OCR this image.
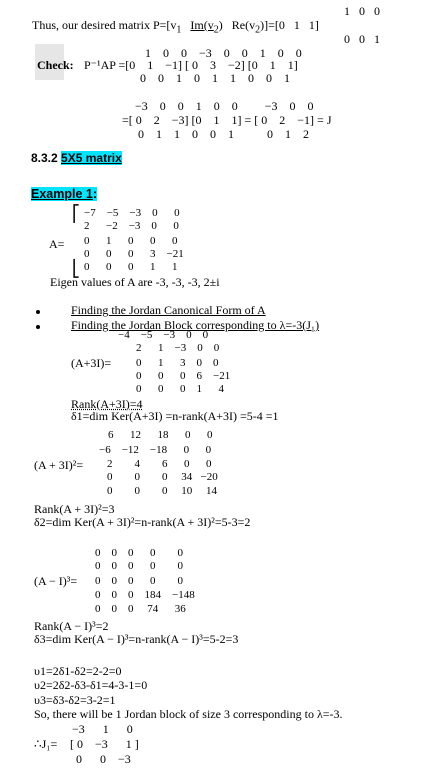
1   0   0
Thus, our desired matrix $P=[v_1$ $Im(v_2)$ $Re(v_2)]=[0$   1   1]
0   0   1
1    0    0    −3    0    0    1    0    0
Check: P⁻¹AP =[0    1    −1] [ 0    3    −2] [0    1    1]
0    0    1    0    1    1    0    0    1
−3    0    0    1    0    0         −3    0    0
=[ 0    2    −3] [0    1    1] = [ 0    2    −1] = J
0    1    1    0    0    1           0    1    2
8.3.2 5X5 matrix
Example 1:
A=
⎡
⎣
−7    −5    −3    0      0
2      −2    −3    0      0
0      1      0      0      0
0      0      0      3    −21
0      0      0      1      1
Eigen values of A are -3, -3, -3, 2±i
Finding the Jordan Canonical Form of A
Finding the Jordan Block corresponding to λ=-3(J₁)
−4    −5    −3    0    0
2      1    −3    0    0
(A+3I)= 0      1      3    0    0
0      0      0    6    −21
0      0      0    1      4
Rank(A+3I)=4
δ1=dim Ker(A+3I) =n-rank(A+3I) =5-4 =1
6      12      18      0      0
−6    −12    −18      0      0
(A + 3I)²= 2        4        6      0      0
0        0        0     34   −20
0        0        0     10     14
Rank(A + 3I)²=3
δ2=dim Ker(A + 3I)²=n-rank(A + 3I)²=5-3=2
0    0    0      0        0
0    0    0      0        0
(A − I)³= 0    0    0      0        0
0    0    0    184    −148
0    0    0     74      36
Rank(A − I)³=2
δ3=dim Ker(A − I)³=n-rank(A − I)³=5-2=3
υ1=2δ1-δ2=2-2=0
υ2=2δ2-δ3-δ1=4-3-1=0
υ3=δ3-δ2=3-2=1
So, there will be 1 Jordan block of size 3 corresponding to λ=-3.
−3      1      0
∴J₁= [ 0    −3      1 ]
0      0    −3
